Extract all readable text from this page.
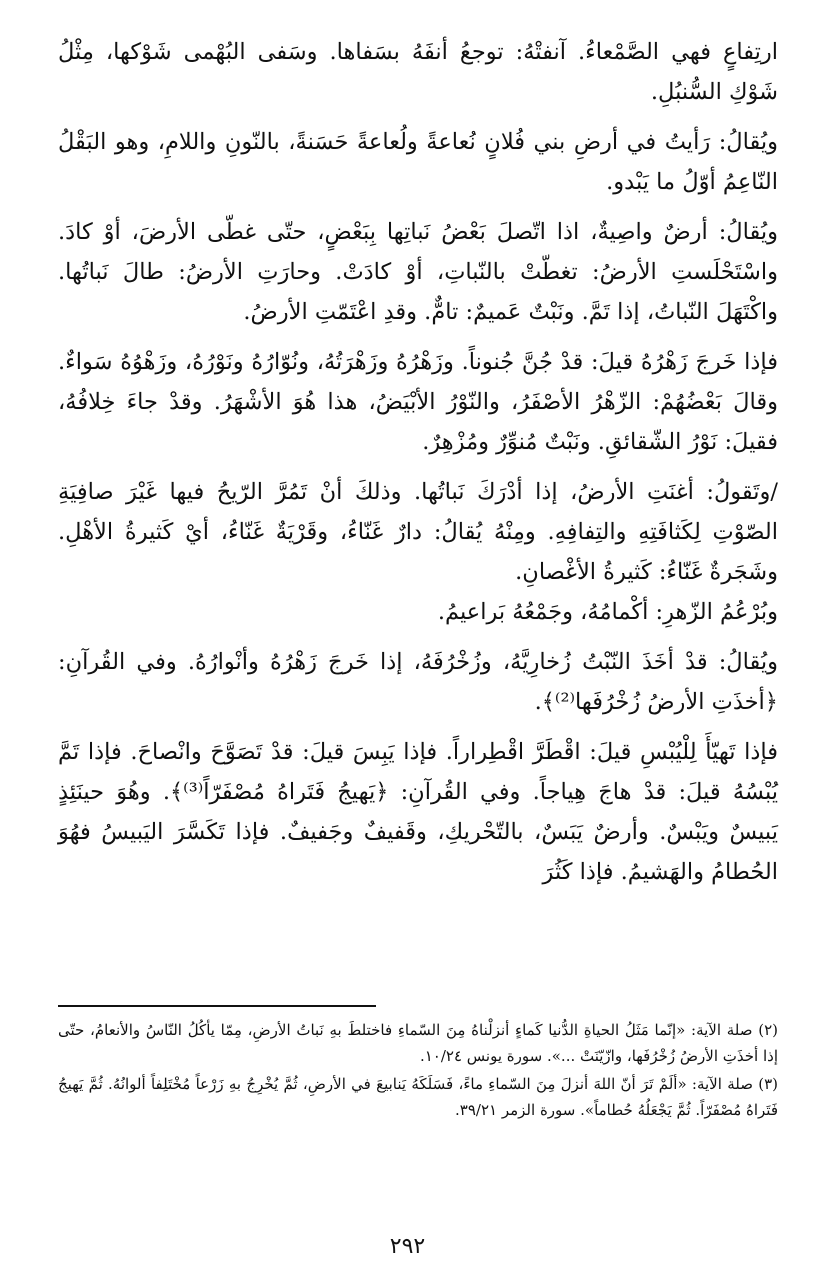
ارتِفاعٍ فهي الصَّمْعاءُ. آنفتْهُ: توجعُ أنفَهُ بسَفاها. وسَفى البُهْمى شَوْكها، مِثْلُ شَوْكِ السُّنبُلِ.

ويُقالُ: رَأيتُ في أرضِ بني فُلانٍ نُعاعةً ولُعاعةً حَسَنةً، بالنّونِ واللامِ، وهو البَقْلُ النّاعِمُ أوّلُ ما يَبْدو.

ويُقالُ: أرضٌ واصِيةٌ، اذا اتّصلَ بَعْضُ نَباتِها بِبَعْضٍ، حتّى غطّى الأرضَ، أوْ كادَ. واسْتَحْلَستِ الأرضُ: تغطّتْ بالنّباتِ، أوْ كادَتْ. وحارَتِ الأرضُ: طالَ نَباتُها. واكْتَهَلَ النّباتُ، إذا تَمَّ. ونَبْتٌ عَميمٌ: تامٌّ. وقدِ اعْتَمّتِ الأرضُ.

فإذا خَرجَ زَهْرُهُ قيلَ: قدْ جُنَّ جُنوناً. وزَهْرُهُ وزَهْرَتُهُ، ونُوّارُهُ ونَوْرُهُ، وزَهْوُهُ سَواءٌ. وقالَ بَعْضُهُمْ: الزّهْرُ الأصْفَرُ، والنّوْرُ الأبْيَضُ، هذا هُوَ الأشْهَرُ. وقدْ جاءَ خِلافُهُ، فقيلَ: نَوْرُ الشّقائقِ. ونَبْتٌ مُنوِّرٌ ومُزْهِرٌ.

/وتَقولُ: أغنَتِ الأرضُ، إذا أدْرَكَ نَباتُها. وذلكَ أنْ تَمُرَّ الرّيحُ فيها غَيْرَ صافِيَةِ الصّوْتِ لِكَثافَتِهِ والتِفافِهِ. ومِنْهُ يُقالُ: دارٌ غَنّاءُ، وقَرْيَةٌ غَنّاءُ، أيْ كَثيرةُ الأهْلِ. وشَجَرةٌ غَنّاءُ: كَثيرةُ الأغْصانِ.

وبُرْعُمُ الزّهرِ: أكْمامُهُ، وجَمْعُهُ بَراعيمُ.

ويُقالُ: قدْ أخَذَ النّبْتُ زُخارِيَّهُ، وزُخْرُفَهُ، إذا خَرجَ زَهْرُهُ وأنْوارُهُ. وفي القُرآنِ: ﴿أخذَتِ الأرضُ زُخْرُفَها⁽²⁾﴾.

فإذا تَهيّأَ لِلْيُبْسِ قيلَ: اقْطَرَّ اقْطِراراً. فإذا يَبِسَ قيلَ: قدْ تَصَوَّحَ وانْصاحَ. فإذا تَمَّ يُبْسُهُ قيلَ: قدْ هاجَ هِياجاً. وفي القُرآنِ: ﴿يَهيجُ فَتَراهُ مُصْفَرّاً⁽³⁾﴾. وهُوَ حينَئِذٍ يَبيسٌ ويَبْسٌ. وأرضٌ يَبَسٌ، بالتّحْريكِ، وقَفيفٌ وجَفيفٌ. فإذا تَكَسَّرَ اليَبيسُ فهُوَ الحُطامُ والهَشيمُ. فإذا كَثُرَ

(٢) صلة الآية: «إنّما مَثَلُ الحياةِ الدُّنيا كَماءٍ أنزلْناهُ مِنَ السّماءِ فاختلطَ بهِ نَباتُ الأرضِ، مِمّا يأكُلُ النّاسُ والأنعامُ، حتّى إذا أخذَتِ الأرضُ زُخْرُفَها، وازّيّنَتْ ...». سورة يونس ١٠/٢٤.

(٣) صلة الآية: «ألَمْ تَرَ أنّ اللهَ أنزلَ مِنَ السّماءِ ماءً، فَسَلَكَهُ يَنابيعَ في الأرضِ، ثُمَّ يُخْرِجُ بهِ زَرْعاً مُخْتَلِفاً ألوانُهُ. ثُمَّ يَهيجُ فَتَراهُ مُصْفَرّاً. ثُمَّ يَجْعَلُهُ حُطاماً». سورة الزمر ٣٩/٢١.

٢٩٢
